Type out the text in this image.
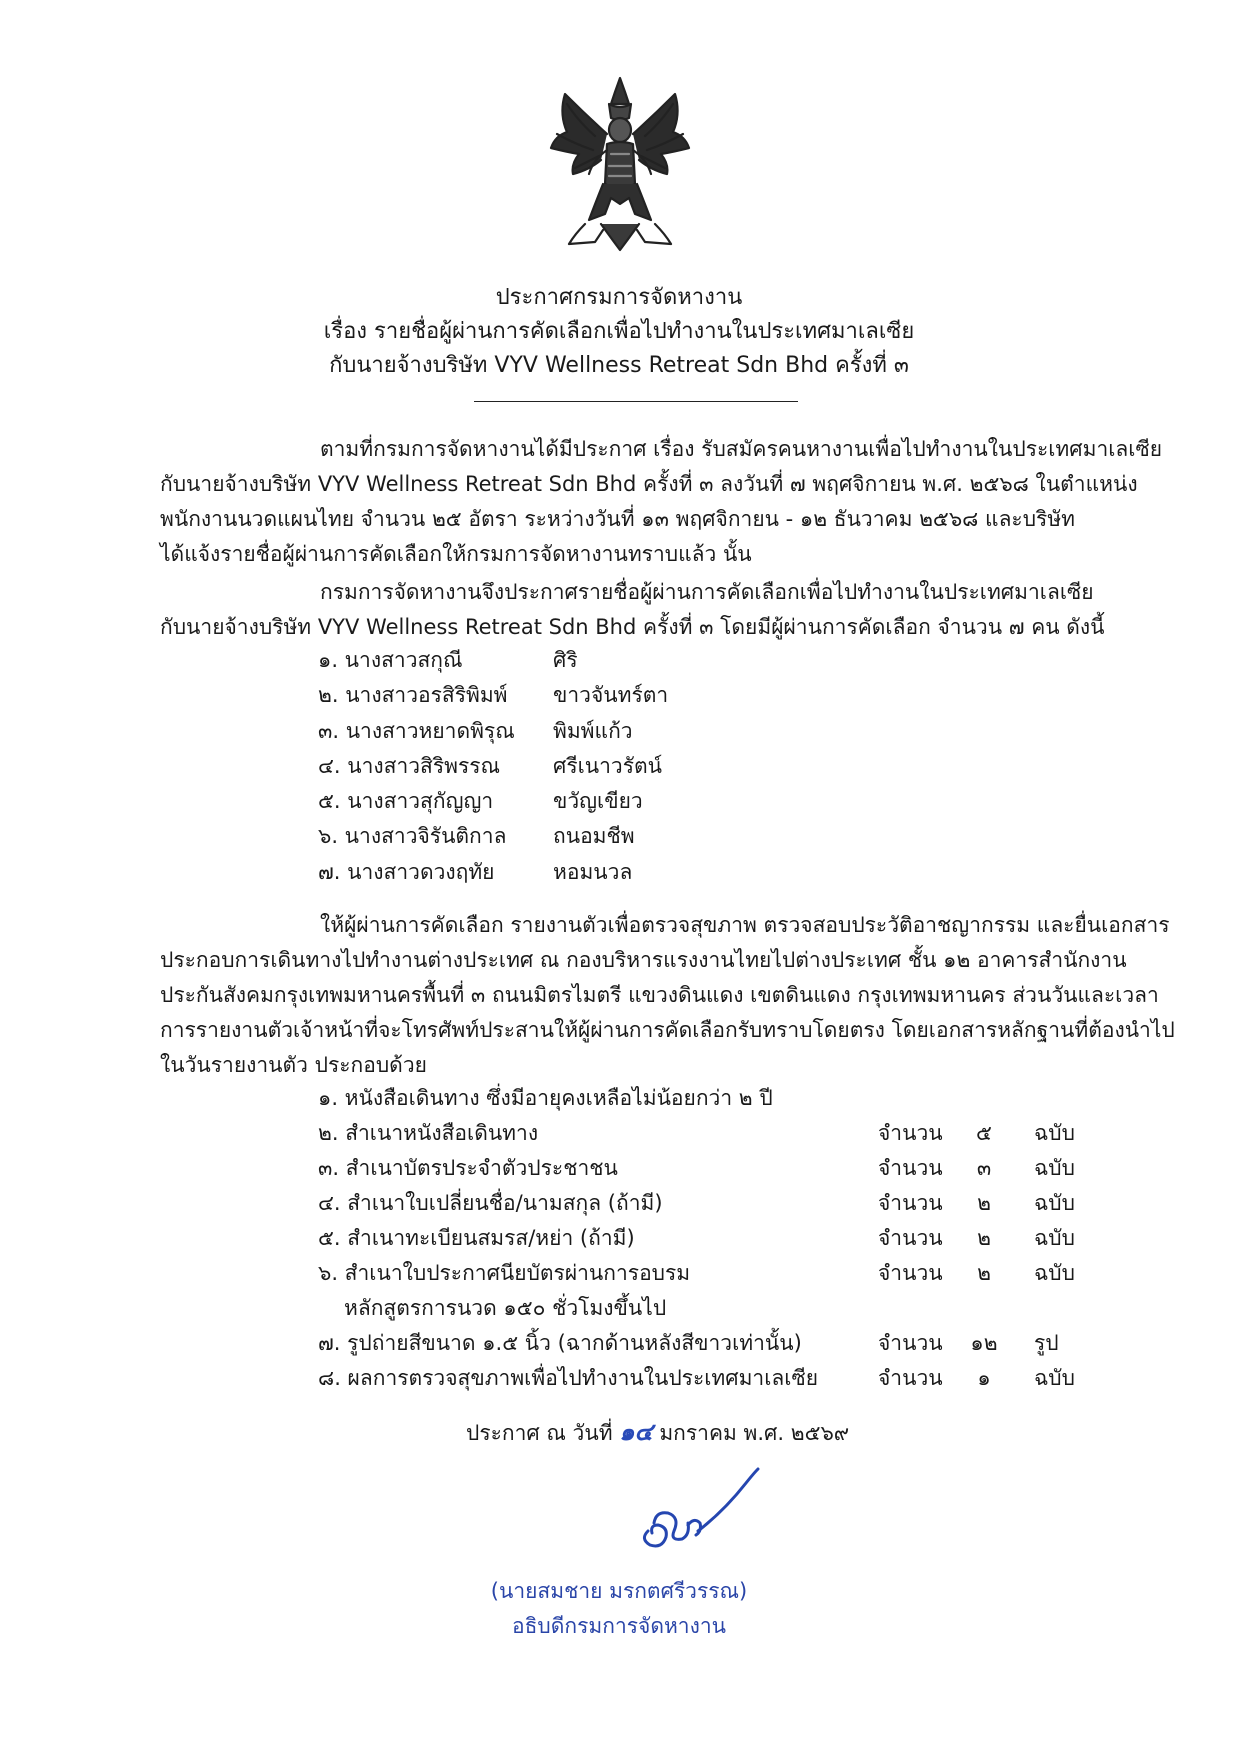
ประกาศกรมการจัดหางาน
เรื่อง รายชื่อผู้ผ่านการคัดเลือกเพื่อไปทำงานในประเทศมาเลเซีย
กับนายจ้างบริษัท VYV Wellness Retreat Sdn Bhd ครั้งที่ ๓
ตามที่กรมการจัดหางานได้มีประกาศ เรื่อง รับสมัครคนหางานเพื่อไปทำงานในประเทศมาเลเซีย
กับนายจ้างบริษัท VYV Wellness Retreat Sdn Bhd ครั้งที่ ๓ ลงวันที่ ๗ พฤศจิกายน พ.ศ. ๒๕๖๘ ในตำแหน่ง
พนักงานนวดแผนไทย จำนวน ๒๕ อัตรา ระหว่างวันที่ ๑๓ พฤศจิกายน - ๑๒ ธันวาคม ๒๕๖๘ และบริษัท
ได้แจ้งรายชื่อผู้ผ่านการคัดเลือกให้กรมการจัดหางานทราบแล้ว นั้น
กรมการจัดหางานจึงประกาศรายชื่อผู้ผ่านการคัดเลือกเพื่อไปทำงานในประเทศมาเลเซีย
กับนายจ้างบริษัท VYV Wellness Retreat Sdn Bhd ครั้งที่ ๓ โดยมีผู้ผ่านการคัดเลือก จำนวน ๗ คน ดังนี้
๑. นางสาวสกุณี	ศิริ
๒. นางสาวอรสิริพิมพ์ ขาวจันทร์ตา
๓. นางสาวหยาดพิรุณ พิมพ์แก้ว
๔. นางสาวสิริพรรณ	ศรีเนาวรัตน์
๕. นางสาวสุกัญญา	ขวัญเขียว
๖. นางสาวจิรันติกาล ถนอมชีพ
๗. นางสาวดวงฤทัย	หอมนวล
ให้ผู้ผ่านการคัดเลือก รายงานตัวเพื่อตรวจสุขภาพ ตรวจสอบประวัติอาชญากรรม และยื่นเอกสาร
ประกอบการเดินทางไปทำงานต่างประเทศ ณ กองบริหารแรงงานไทยไปต่างประเทศ ชั้น ๑๒ อาคารสำนักงาน
ประกันสังคมกรุงเทพมหานครพื้นที่ ๓ ถนนมิตรไมตรี แขวงดินแดง เขตดินแดง กรุงเทพมหานคร ส่วนวันและเวลา
การรายงานตัวเจ้าหน้าที่จะโทรศัพท์ประสานให้ผู้ผ่านการคัดเลือกรับทราบโดยตรง โดยเอกสารหลักฐานที่ต้องนำไป
ในวันรายงานตัว ประกอบด้วย
๑. หนังสือเดินทาง ซึ่งมีอายุคงเหลือไม่น้อยกว่า ๒ ปี
๒. สำเนาหนังสือเดินทาง	จำนวน	๕	ฉบับ
๓. สำเนาบัตรประจำตัวประชาชน	จำนวน	๓	ฉบับ
๔. สำเนาใบเปลี่ยนชื่อ/นามสกุล (ถ้ามี)	จำนวน	๒	ฉบับ
๕. สำเนาทะเบียนสมรส/หย่า (ถ้ามี)	จำนวน	๒	ฉบับ
๖. สำเนาใบประกาศนียบัตรผ่านการอบรม	จำนวน	๒	ฉบับ
หลักสูตรการนวด ๑๕๐ ชั่วโมงขึ้นไป
๗. รูปถ่ายสีขนาด ๑.๕ นิ้ว (ฉากด้านหลังสีขาวเท่านั้น)	จำนวน ๑๒ รูป
๘. ผลการตรวจสุขภาพเพื่อไปทำงานในประเทศมาเลเซีย	จำนวน	๑	ฉบับ
ประกาศ ณ วันที่ ๑๔ มกราคม พ.ศ. ๒๕๖๙
(นายสมชาย มรกตศรีวรรณ)
อธิบดีกรมการจัดหางาน
